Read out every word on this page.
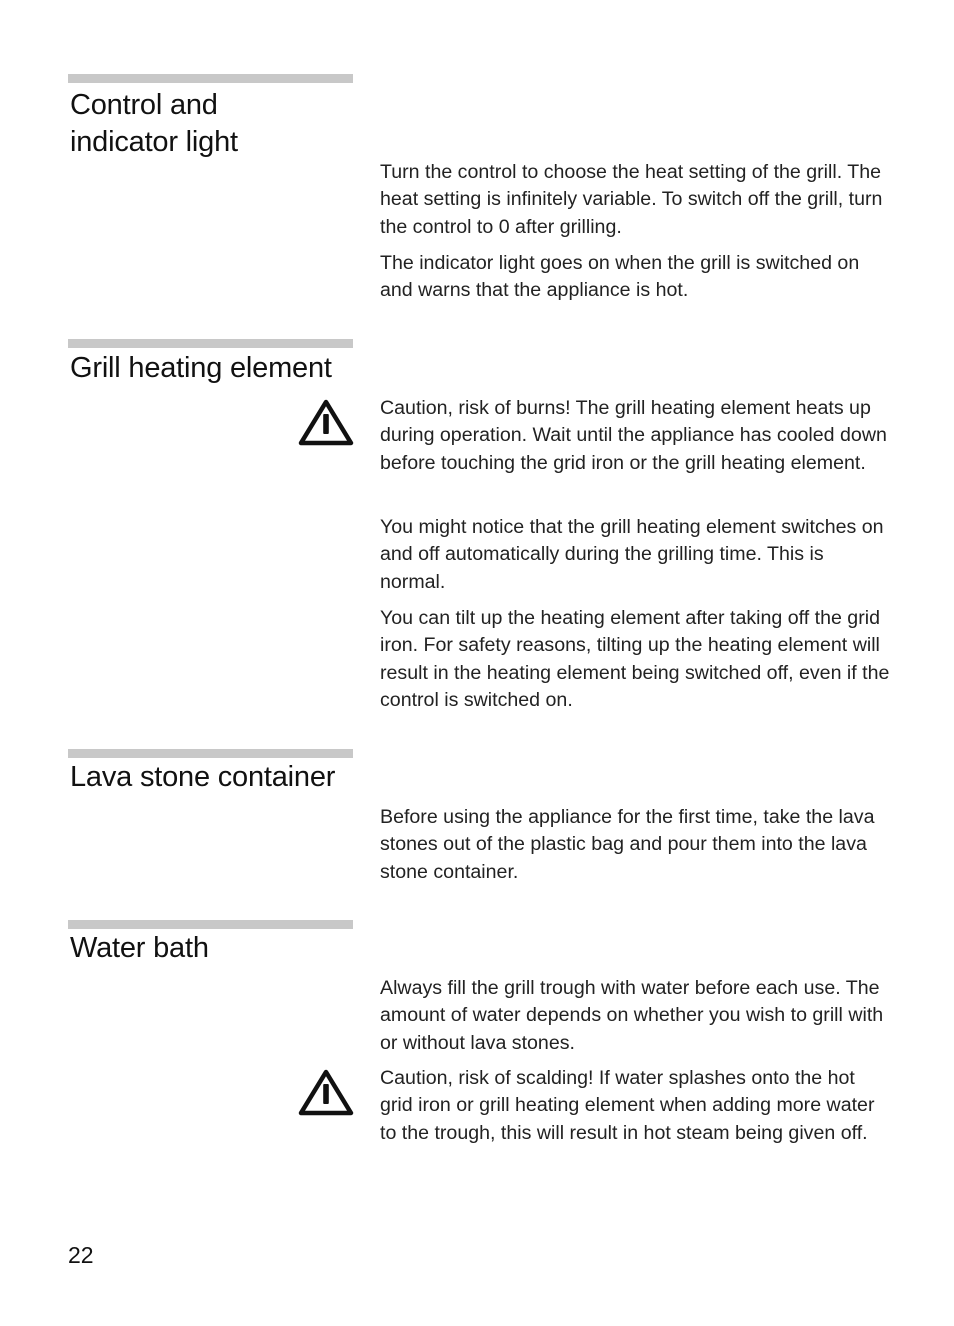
Control and
indicator light

Turn the control to choose the heat setting of the grill. The heat setting is infinitely variable. To switch off the grill, turn the control to 0 after grilling.

The indicator light goes on when the grill is switched on and warns that the appliance is hot.

Grill heating element

Caution, risk of burns! The grill heating element heats up during operation. Wait until the appliance has cooled down before touching the grid iron or the grill heating element.

You might notice that the grill heating element switches on and off automatically during the grilling time. This is normal.

You can tilt up the heating element after taking off the grid iron. For safety reasons, tilting up the heating element will result in the heating element being switched off, even if the control is switched on.

Lava stone container

Before using the appliance for the first time, take the lava stones out of the plastic bag and pour them into the lava stone container.

Water bath

Always fill the grill trough with water before each use. The amount of water depends on whether you wish to grill with or without lava stones.

Caution, risk of scalding! If water splashes onto the hot grid iron or grill heating element when adding more water to the trough, this will result in hot steam being given off.

22
